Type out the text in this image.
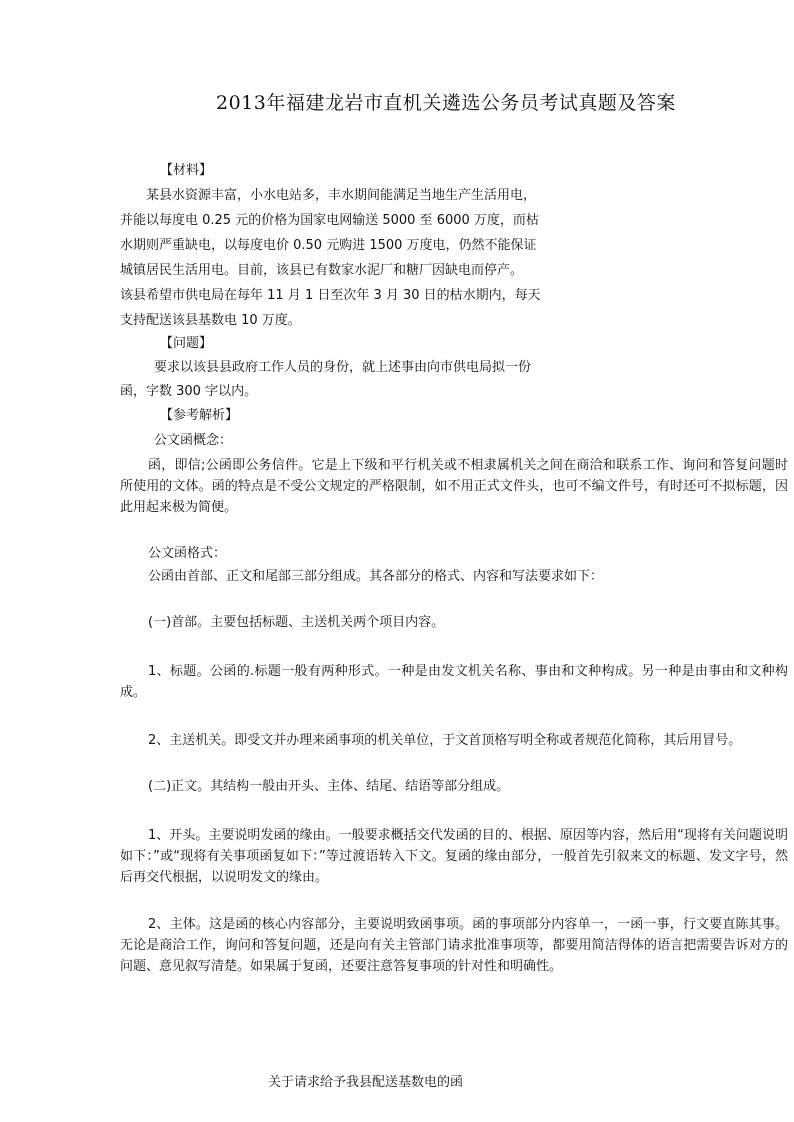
2013年福建龙岩市直机关遴选公务员考试真题及答案
【材料】
某县水资源丰富，小水电站多，丰水期间能满足当地生产生活用电，
并能以每度电 0.25 元的价格为国家电网输送 5000 至 6000 万度，而枯
水期则严重缺电，以每度电价 0.50 元购进 1500 万度电，仍然不能保证
城镇居民生活用电。目前，该县已有数家水泥厂和糖厂因缺电而停产。
该县希望市供电局在每年 11 月 1 日至次年 3 月 30 日的枯水期内，每天
支持配送该县基数电 10 万度。
【问题】
要求以该县县政府工作人员的身份，就上述事由向市供电局拟一份
函，字数 300 字以内。
【参考解析】
公文函概念：
函，即信;公函即公务信件。它是上下级和平行机关或不相隶属机关之间在商洽和联系工作、询问和答复问题时所使用的文体。函的特点是不受公文规定的严格限制，如不用正式文件头，也可不编文件号，有时还可不拟标题，因此用起来极为简便。
公文函格式：
公函由首部、正文和尾部三部分组成。其各部分的格式、内容和写法要求如下：
(一)首部。主要包括标题、主送机关两个项目内容。
1、标题。公函的.标题一般有两种形式。一种是由发文机关名称、事由和文种构成。另一种是由事由和文种构成。
2、主送机关。即受文并办理来函事项的机关单位，于文首顶格写明全称或者规范化简称，其后用冒号。
(二)正文。其结构一般由开头、主体、结尾、结语等部分组成。
1、开头。主要说明发函的缘由。一般要求概括交代发函的目的、根据、原因等内容，然后用“现将有关问题说明如下：”或“现将有关事项函复如下：”等过渡语转入下文。复函的缘由部分，一般首先引叙来文的标题、发文字号，然后再交代根据，以说明发文的缘由。
2、主体。这是函的核心内容部分，主要说明致函事项。函的事项部分内容单一，一函一事，行文要直陈其事。无论是商洽工作，询问和答复问题，还是向有关主管部门请求批准事项等，都要用简洁得体的语言把需要告诉对方的问题、意见叙写清楚。如果属于复函，还要注意答复事项的针对性和明确性。
关于请求给予我县配送基数电的函
